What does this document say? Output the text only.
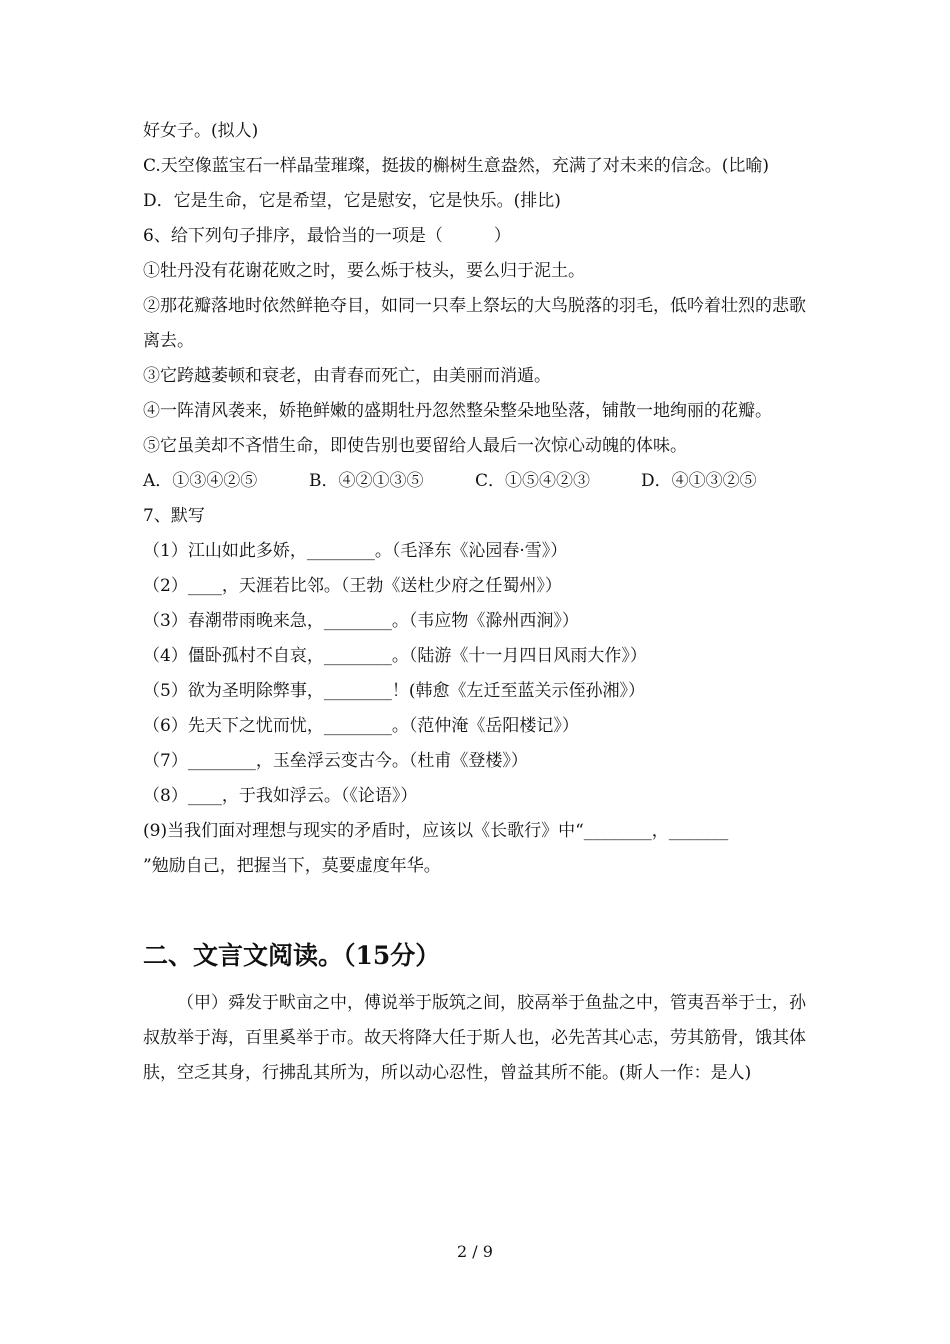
好女子。(拟人)
C.天空像蓝宝石一样晶莹璀璨，挺拔的槲树生意盎然，充满了对未来的信念。(比喻)
D．它是生命，它是希望，它是慰安，它是快乐。(排比)
6、给下列句子排序，最恰当的一项是（　　　）
①牡丹没有花谢花败之时，要么烁于枝头，要么归于泥土。
②那花瓣落地时依然鲜艳夺目，如同一只奉上祭坛的大鸟脱落的羽毛，低吟着壮烈的悲歌离去。
③它跨越萎顿和衰老，由青春而死亡，由美丽而消遁。
④一阵清风袭来，娇艳鲜嫩的盛期牡丹忽然整朵整朵地坠落，铺散一地绚丽的花瓣。
⑤它虽美却不吝惜生命，即使告别也要留给人最后一次惊心动魄的体味。
A．①③④②⑤	B．④②①③⑤	C．①⑤④②③	D．④①③②⑤
7、默写
（1）江山如此多娇，________。（毛泽东《沁园春·雪》）
（2）____，天涯若比邻。（王勃《送杜少府之任蜀州》）
（3）春潮带雨晚来急，________。（韦应物《滁州西涧》）
（4）僵卧孤村不自哀，________。（陆游《十一月四日风雨大作》）
（5）欲为圣明除弊事，________！(韩愈《左迁至蓝关示侄孙湘》）
（6）先天下之忧而忧，________。（范仲淹《岳阳楼记》）
（7）________，玉垒浮云变古今。（杜甫《登楼》）
（8）____，于我如浮云。（《论语》）
(9)当我们面对理想与现实的矛盾时，应该以《长歌行》中“________，_______
”勉励自己，把握当下，莫要虚度年华。
二、文言文阅读。（15分）
（甲）舜发于畎亩之中，傅说举于版筑之间，胶鬲举于鱼盐之中，管夷吾举于士，孙叔敖举于海，百里奚举于市。故天将降大任于斯人也，必先苦其心志，劳其筋骨，饿其体肤，空乏其身，行拂乱其所为，所以动心忍性，曾益其所不能。(斯人一作：是人)
2 / 9
